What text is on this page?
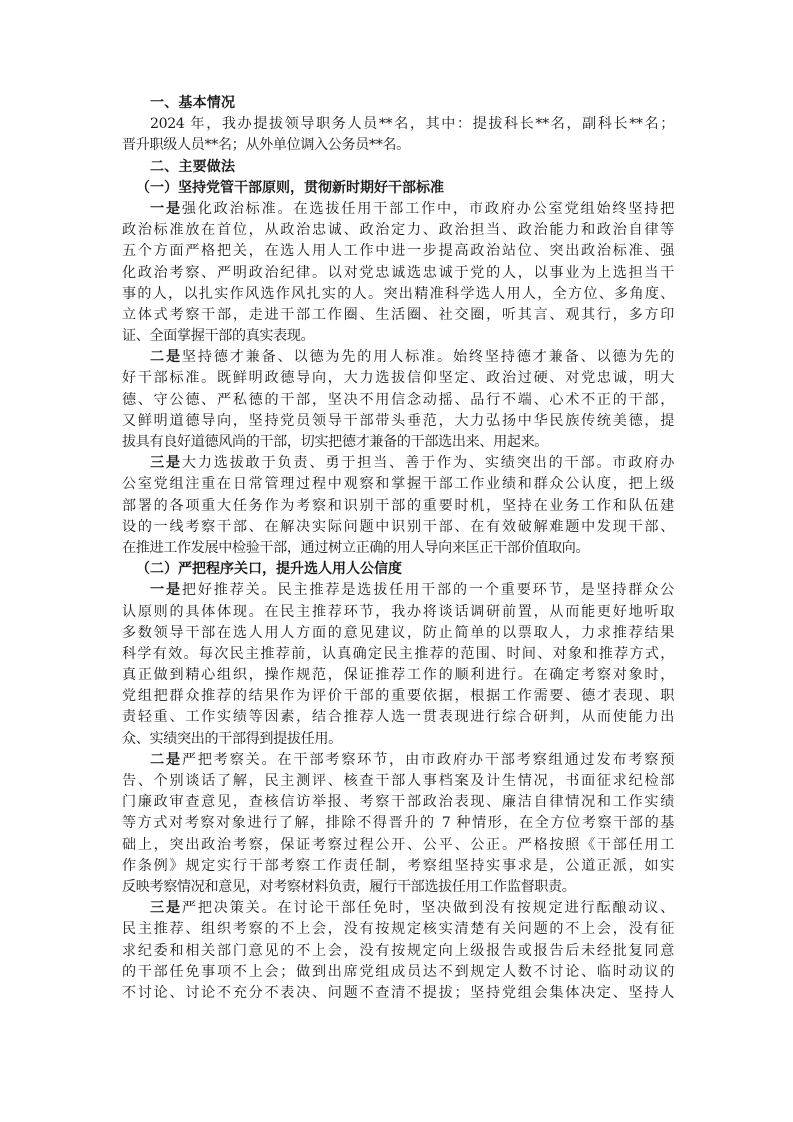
一、基本情况
2024 年，我办提拔领导职务人员**名，其中：提拔科长**名，副科长**名；
晋升职级人员**名；从外单位调入公务员**名。
二、主要做法
（一）坚持党管干部原则，贯彻新时期好干部标准
一是强化政治标准。在选拔任用干部工作中，市政府办公室党组始终坚持把
政治标准放在首位，从政治忠诚、政治定力、政治担当、政治能力和政治自律等
五个方面严格把关，在选人用人工作中进一步提高政治站位、突出政治标准、强
化政治考察、严明政治纪律。以对党忠诚选忠诚于党的人，以事业为上选担当干
事的人，以扎实作风选作风扎实的人。突出精准科学选人用人，全方位、多角度、
立体式考察干部，走进干部工作圈、生活圈、社交圈，听其言、观其行，多方印
证、全面掌握干部的真实表现。
二是坚持德才兼备、以德为先的用人标准。始终坚持德才兼备、以德为先的
好干部标准。既鲜明政德导向，大力选拔信仰坚定、政治过硬、对党忠诚，明大
德、守公德、严私德的干部，坚决不用信念动摇、品行不端、心术不正的干部，
又鲜明道德导向，坚持党员领导干部带头垂范，大力弘扬中华民族传统美德，提
拔具有良好道德风尚的干部，切实把德才兼备的干部选出来、用起来。
三是大力选拔敢于负责、勇于担当、善于作为、实绩突出的干部。市政府办
公室党组注重在日常管理过程中观察和掌握干部工作业绩和群众公认度，把上级
部署的各项重大任务作为考察和识别干部的重要时机，坚持在业务工作和队伍建
设的一线考察干部、在解决实际问题中识别干部、在有效破解难题中发现干部、
在推进工作发展中检验干部，通过树立正确的用人导向来匡正干部价值取向。
（二）严把程序关口，提升选人用人公信度
一是把好推荐关。民主推荐是选拔任用干部的一个重要环节，是坚持群众公
认原则的具体体现。在民主推荐环节，我办将谈话调研前置，从而能更好地听取
多数领导干部在选人用人方面的意见建议，防止简单的以票取人，力求推荐结果
科学有效。每次民主推荐前，认真确定民主推荐的范围、时间、对象和推荐方式，
真正做到精心组织，操作规范，保证推荐工作的顺利进行。在确定考察对象时，
党组把群众推荐的结果作为评价干部的重要依据，根据工作需要、德才表现、职
责轻重、工作实绩等因素，结合推荐人选一贯表现进行综合研判，从而使能力出
众、实绩突出的干部得到提拔任用。
二是严把考察关。在干部考察环节，由市政府办干部考察组通过发布考察预
告、个别谈话了解，民主测评、核查干部人事档案及计生情况，书面征求纪检部
门廉政审查意见，查核信访举报、考察干部政治表现、廉洁自律情况和工作实绩
等方式对考察对象进行了解，排除不得晋升的 7 种情形，在全方位考察干部的基
础上，突出政治考察，保证考察过程公开、公平、公正。严格按照《干部任用工
作条例》规定实行干部考察工作责任制，考察组坚持实事求是，公道正派，如实
反映考察情况和意见，对考察材料负责，履行干部选拔任用工作监督职责。
三是严把决策关。在讨论干部任免时，坚决做到没有按规定进行酝酿动议、
民主推荐、组织考察的不上会，没有按规定核实清楚有关问题的不上会，没有征
求纪委和相关部门意见的不上会，没有按规定向上级报告或报告后未经批复同意
的干部任免事项不上会；做到出席党组成员达不到规定人数不讨论、临时动议的
不讨论、讨论不充分不表决、问题不查清不提拔；坚持党组会集体决定、坚持人
